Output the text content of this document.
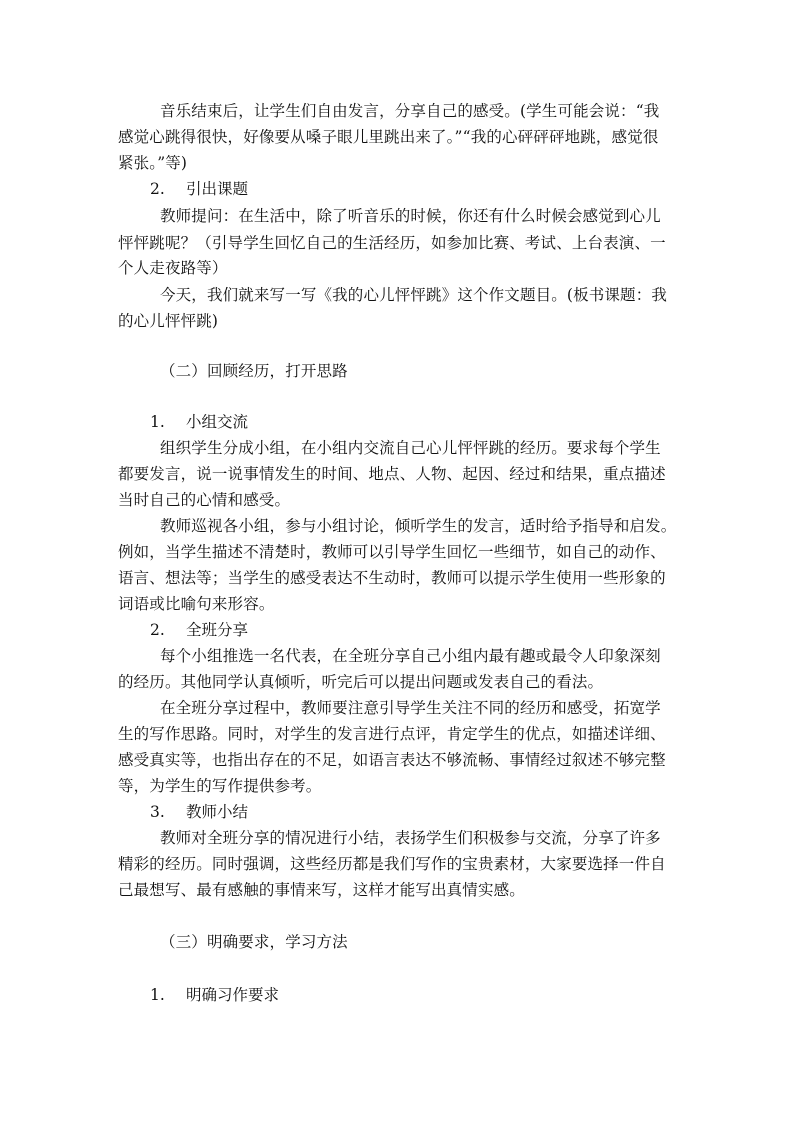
音乐结束后，让学生们自由发言，分享自己的感受。(学生可能会说：“我
感觉心跳得很快，好像要从嗓子眼儿里跳出来了。”“我的心砰砰砰地跳，感觉很
紧张。”等)
2.	引出课题
教师提问：在生活中，除了听音乐的时候，你还有什么时候会感觉到心儿
怦怦跳呢？（引导学生回忆自己的生活经历，如参加比赛、考试、上台表演、一
个人走夜路等）
今天，我们就来写一写《我的心儿怦怦跳》这个作文题目。(板书课题：我
的心儿怦怦跳)
（二）回顾经历，打开思路
1.	小组交流
组织学生分成小组，在小组内交流自己心儿怦怦跳的经历。要求每个学生
都要发言，说一说事情发生的时间、地点、人物、起因、经过和结果，重点描述
当时自己的心情和感受。
教师巡视各小组，参与小组讨论，倾听学生的发言，适时给予指导和启发。
例如，当学生描述不清楚时，教师可以引导学生回忆一些细节，如自己的动作、
语言、想法等；当学生的感受表达不生动时，教师可以提示学生使用一些形象的
词语或比喻句来形容。
2.	全班分享
每个小组推选一名代表，在全班分享自己小组内最有趣或最令人印象深刻
的经历。其他同学认真倾听，听完后可以提出问题或发表自己的看法。
在全班分享过程中，教师要注意引导学生关注不同的经历和感受，拓宽学
生的写作思路。同时，对学生的发言进行点评，肯定学生的优点，如描述详细、
感受真实等，也指出存在的不足，如语言表达不够流畅、事情经过叙述不够完整
等，为学生的写作提供参考。
3.	教师小结
教师对全班分享的情况进行小结，表扬学生们积极参与交流，分享了许多
精彩的经历。同时强调，这些经历都是我们写作的宝贵素材，大家要选择一件自
己最想写、最有感触的事情来写，这样才能写出真情实感。
（三）明确要求，学习方法
1.	明确习作要求
